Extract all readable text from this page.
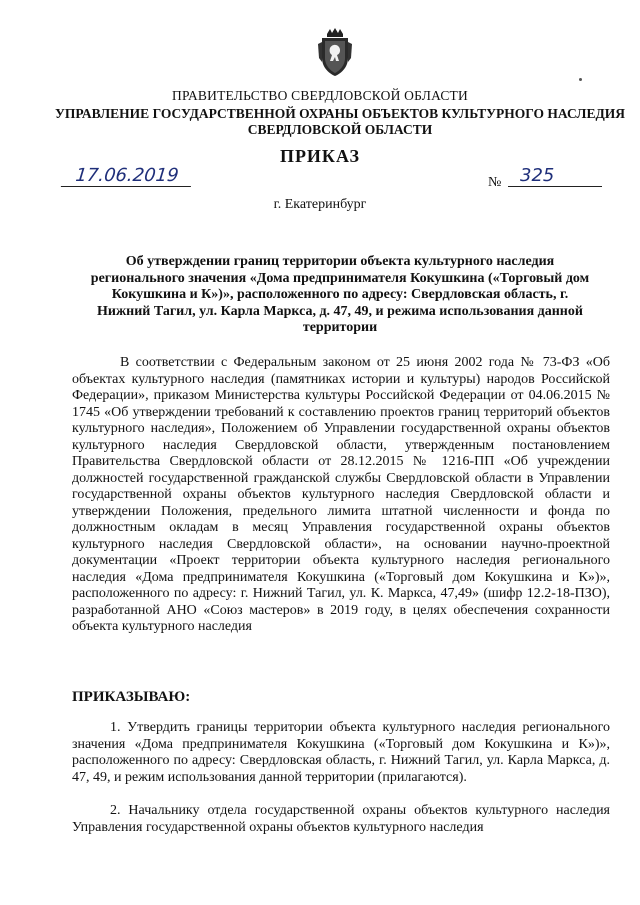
ПРАВИТЕЛЬСТВО СВЕРДЛОВСКОЙ ОБЛАСТИ
УПРАВЛЕНИЕ ГОСУДАРСТВЕННОЙ ОХРАНЫ ОБЪЕКТОВ КУЛЬТУРНОГО НАСЛЕДИЯ СВЕРДЛОВСКОЙ ОБЛАСТИ
ПРИКАЗ
17.06.2019	№	325
г. Екатеринбург
Об утверждении границ территории объекта культурного наследия регионального значения «Дома предпринимателя Кокушкина («Торговый дом Кокушкина и К»)», расположенного по адресу: Свердловская область, г. Нижний Тагил, ул. Карла Маркса, д. 47, 49, и режима использования данной территории
В соответствии с Федеральным законом от 25 июня 2002 года № 73-ФЗ «Об объектах культурного наследия (памятниках истории и культуры) народов Российской Федерации», приказом Министерства культуры Российской Федерации от 04.06.2015 № 1745 «Об утверждении требований к составлению проектов границ территорий объектов культурного наследия», Положением об Управлении государственной охраны объектов культурного наследия Свердловской области, утвержденным постановлением Правительства Свердловской области от 28.12.2015 № 1216-ПП «Об учреждении должностей государственной гражданской службы Свердловской области в Управлении государственной охраны объектов культурного наследия Свердловской области и утверждении Положения, предельного лимита штатной численности и фонда по должностным окладам в месяц Управления государственной охраны объектов культурного наследия Свердловской области», на основании научно-проектной документации «Проект территории объекта культурного наследия регионального наследия «Дома предпринимателя Кокушкина («Торговый дом Кокушкина и К»)», расположенного по адресу: г. Нижний Тагил, ул. К. Маркса, 47,49» (шифр 12.2-18-ПЗО), разработанной АНО «Союз мастеров» в 2019 году, в целях обеспечения сохранности объекта культурного наследия
ПРИКАЗЫВАЮ:
1. Утвердить границы территории объекта культурного наследия регионального значения «Дома предпринимателя Кокушкина («Торговый дом Кокушкина и К»)», расположенного по адресу: Свердловская область, г. Нижний Тагил, ул. Карла Маркса, д. 47, 49, и режим использования данной территории (прилагаются).
2. Начальнику отдела государственной охраны объектов культурного наследия Управления государственной охраны объектов культурного наследия
